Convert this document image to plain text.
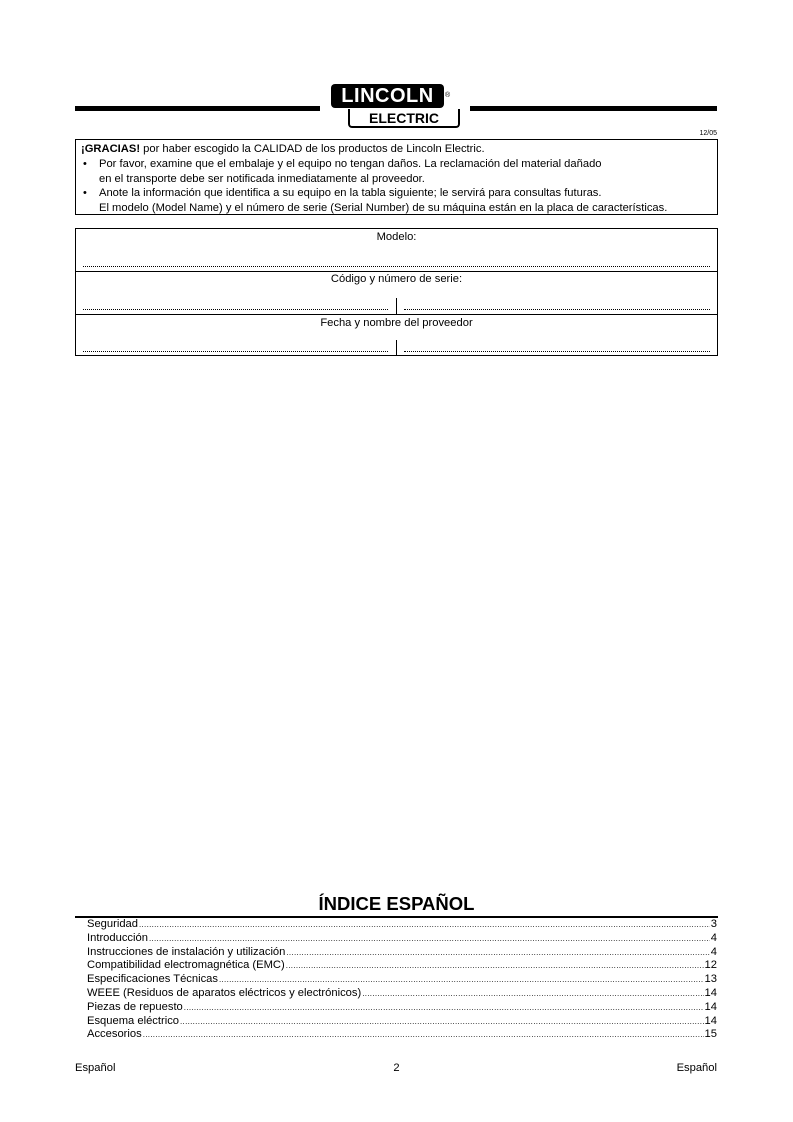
LINCOLN	®
ELECTRIC
12/05

¡GRACIAS! por haber escogido la CALIDAD de los productos de Lincoln Electric.

• Por favor, examine que el embalaje y el equipo no tengan daños. La reclamación del material dañado

en el transporte debe ser notificada inmediatamente al proveedor.

• Anote la información que identifica a su equipo en la tabla siguiente; le servirá para consultas futuras.

El modelo (Model Name) y el número de serie (Serial Number) de su máquina están en la placa de características.

Modelo:
Código y número de serie:
Fecha y nombre del proveedor
ÍNDICE ESPAÑOL
Seguridad .....	3
Introducción .....	4
Instrucciones de instalación y utilización .....	4
Compatibilidad electromagnética (EMC) .....	12
Especificaciones Técnicas .....	13
WEEE (Residuos de aparatos eléctricos y electrónicos) .....	14
Piezas de repuesto .....	14
Esquema eléctrico .....	14
Accesorios .....	15
Español	2	Español
